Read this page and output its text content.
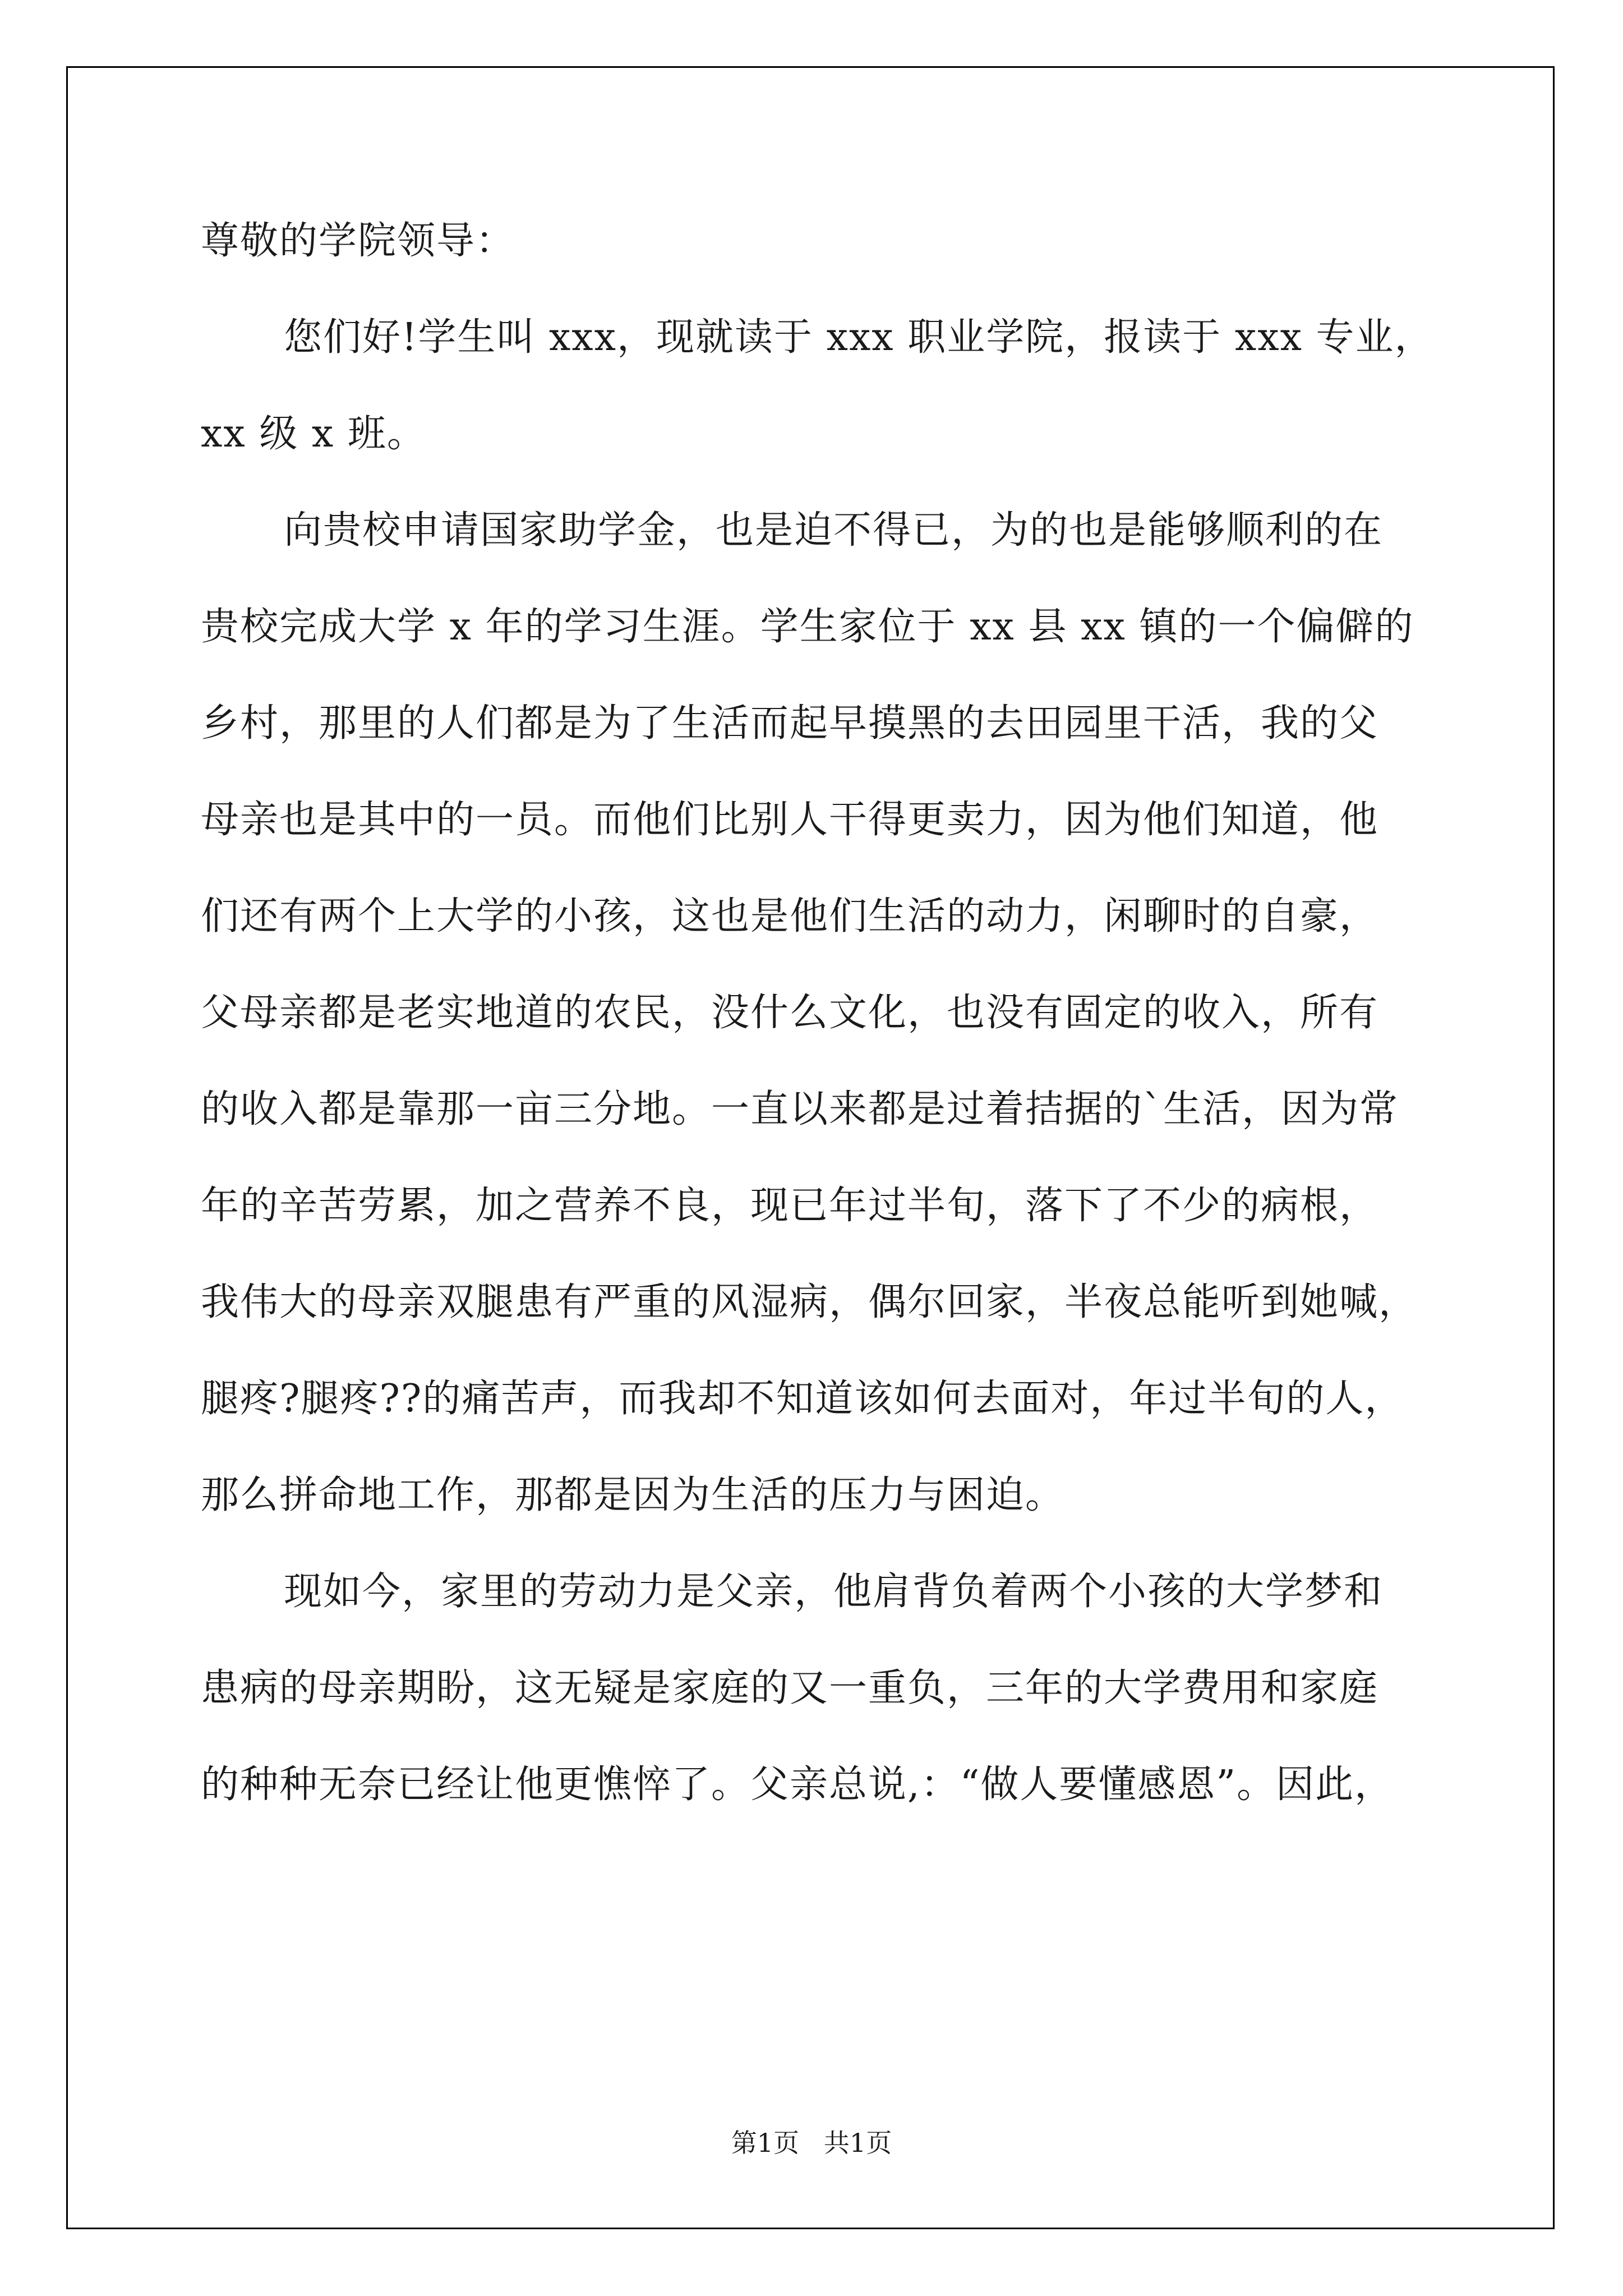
尊敬的学院领导：
您们好!学生叫 xxx，现就读于 xxx 职业学院，报读于 xxx 专业，
xx 级 x 班。
向贵校申请国家助学金，也是迫不得已，为的也是能够顺利的在
贵校完成大学 x 年的学习生涯。学生家位于 xx 县 xx 镇的一个偏僻的
乡村，那里的人们都是为了生活而起早摸黑的去田园里干活，我的父
母亲也是其中的一员。而他们比别人干得更卖力，因为他们知道，他
们还有两个上大学的小孩，这也是他们生活的动力，闲聊时的自豪，
父母亲都是老实地道的农民，没什么文化，也没有固定的收入，所有
的收入都是靠那一亩三分地。一直以来都是过着拮据的`生活，因为常
年的辛苦劳累，加之营养不良，现已年过半旬，落下了不少的病根，
我伟大的母亲双腿患有严重的风湿病，偶尔回家，半夜总能听到她喊，
腿疼?腿疼??的痛苦声，而我却不知道该如何去面对，年过半旬的人，
那么拼命地工作，那都是因为生活的压力与困迫。
现如今，家里的劳动力是父亲，他肩背负着两个小孩的大学梦和
患病的母亲期盼，这无疑是家庭的又一重负，三年的大学费用和家庭
的种种无奈已经让他更憔悴了。父亲总说,：“做人要懂感恩”。因此，
第1页   共1页
